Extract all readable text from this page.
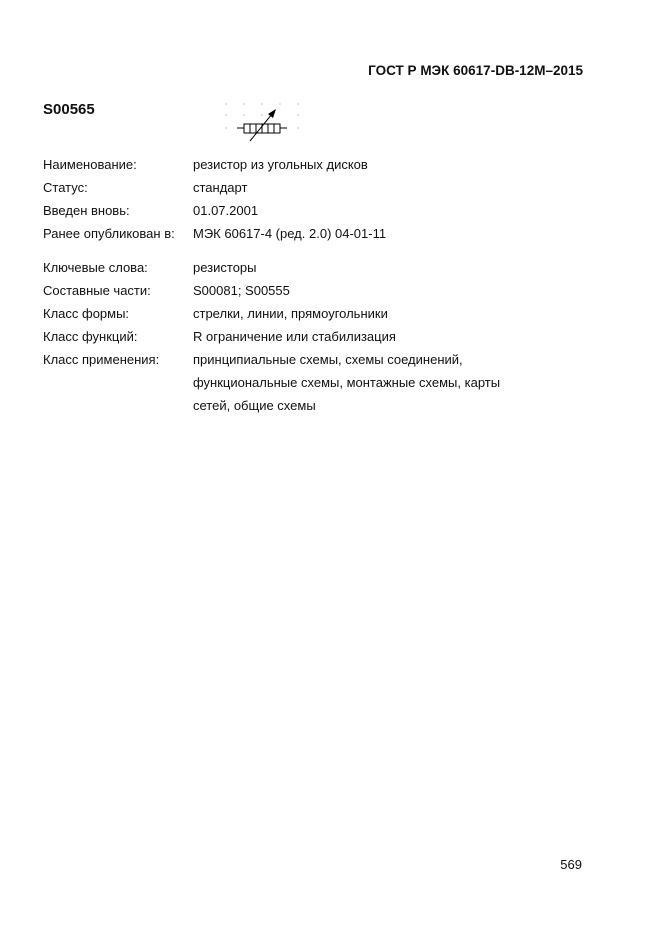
ГОСТ Р МЭК 60617-DB-12M–2015
S00565
Наименование:	резистор из угольных дисков
Статус:	стандарт
Введен вновь:	01.07.2001
Ранее опубликован в: МЭК 60617-4 (ред. 2.0) 04-01-11
Ключевые слова:	резисторы
Составные части:	S00081; S00555
Класс формы:	стрелки, линии, прямоугольники
Класс функций:	R ограничение или стабилизация
Класс применения:	принципиальные схемы, схемы соединений,
функциональные схемы, монтажные схемы, карты
сетей, общие схемы
569
